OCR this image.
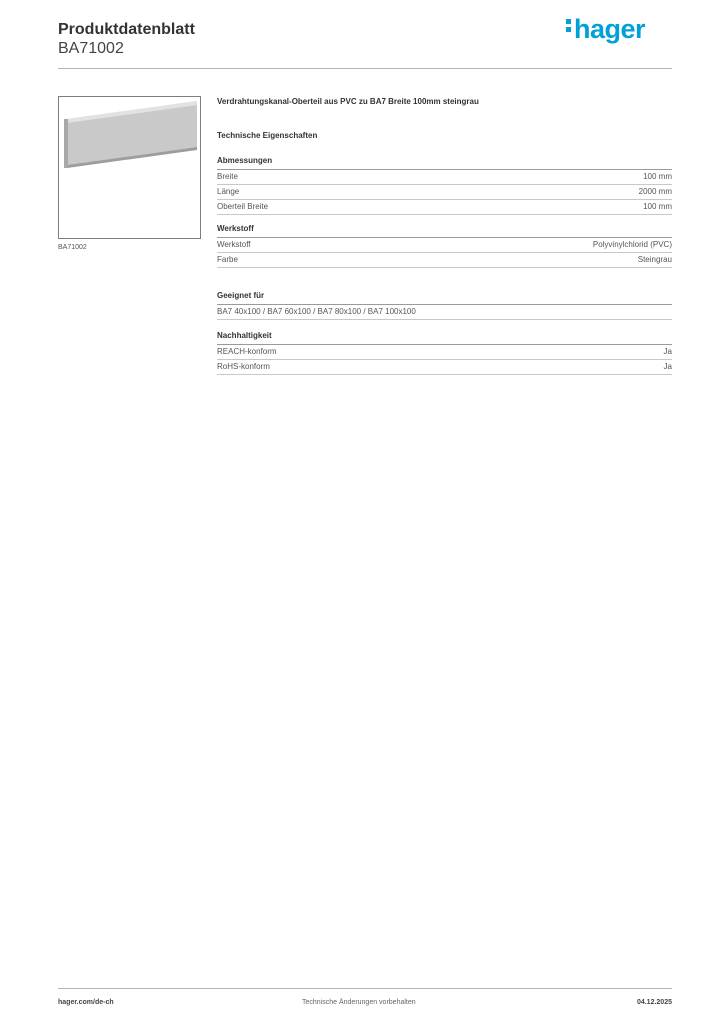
Produktdatenblatt
BA71002
hager
BA71002
Verdrahtungskanal-Oberteil aus PVC zu BA7 Breite 100mm steingrau
Technische Eigenschaften
Abmessungen
Breite	100 mm
Länge	2000 mm
Oberteil Breite	100 mm
Werkstoff
Werkstoff	Polyvinylchlorid (PVC)
Farbe	Steingrau
Geeignet für
BA7 40x100 / BA7 60x100 / BA7 80x100 / BA7 100x100
Nachhaltigkeit
REACH-konform	Ja
RoHS-konform	Ja
hager.com/de-ch	Technische Änderungen vorbehalten	04.12.2025
